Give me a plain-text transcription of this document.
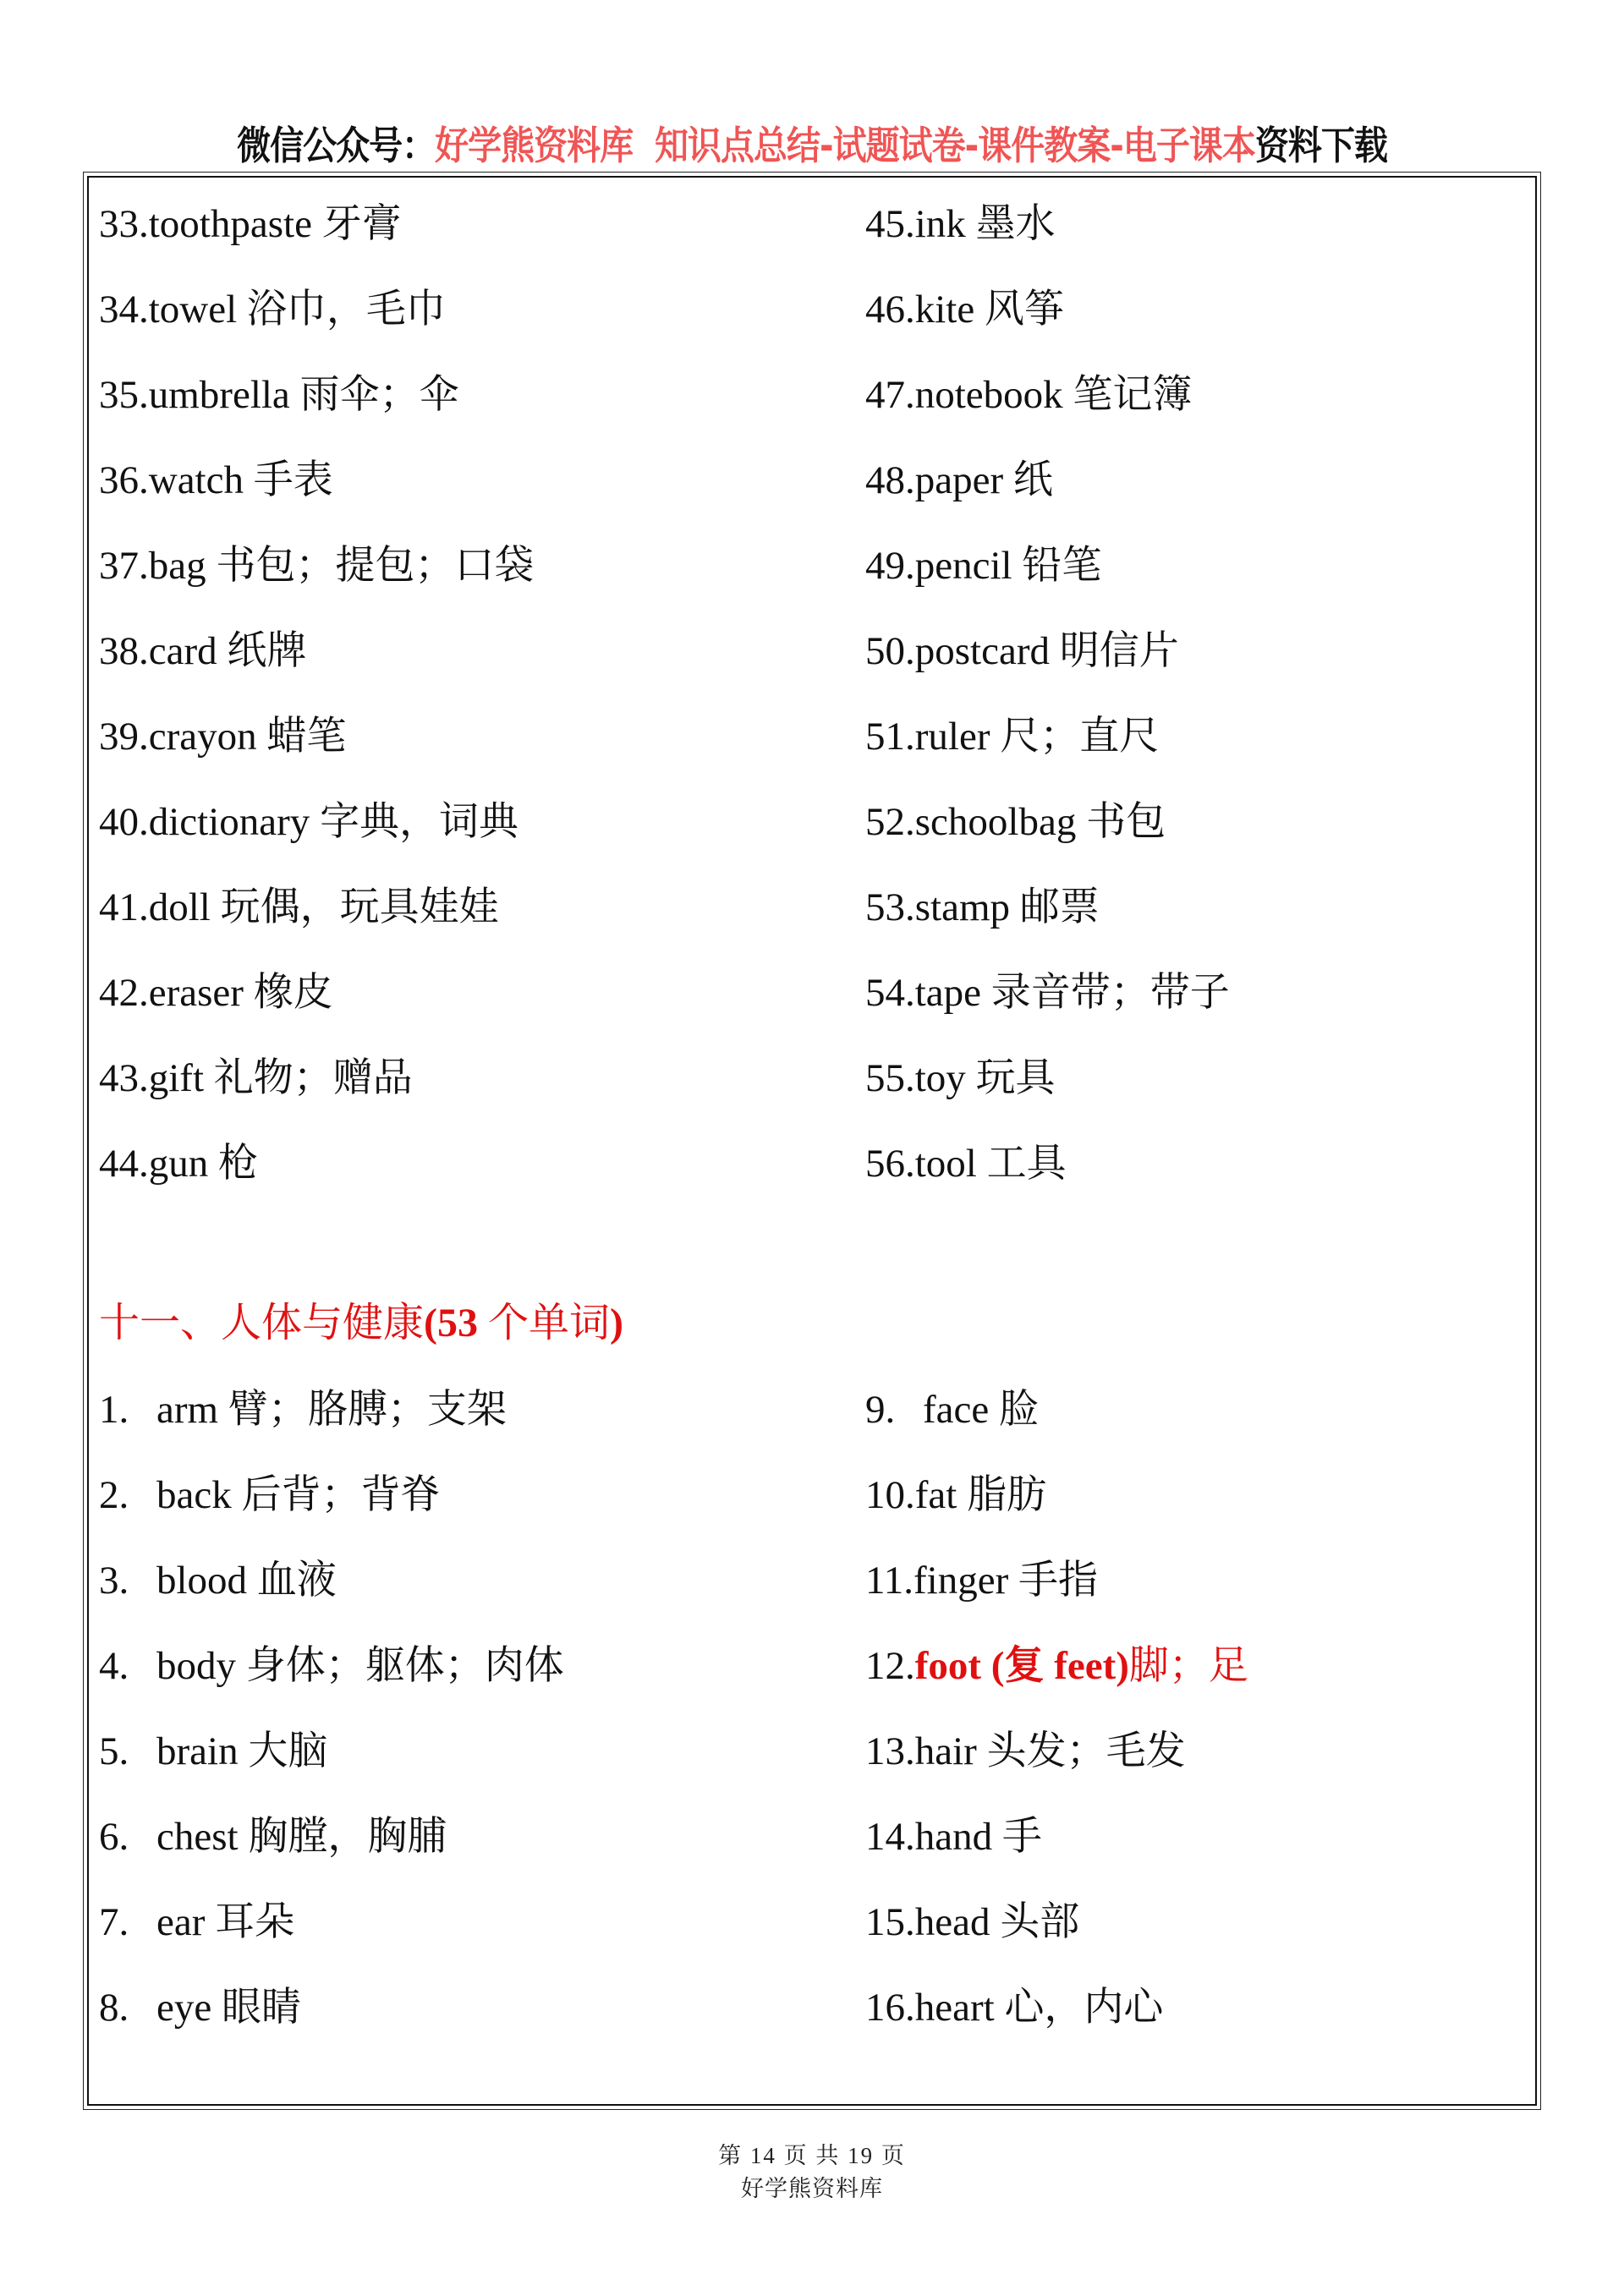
微信公众号：好学熊资料库 知识点总结-试题试卷-课件教案-电子课本资料下载
33.toothpaste 牙膏
34.towel 浴巾，毛巾
35.umbrella 雨伞；伞
36.watch 手表
37.bag 书包；提包；口袋
38.card 纸牌
39.crayon 蜡笔
40.dictionary 字典，词典
41.doll 玩偶，玩具娃娃
42.eraser 橡皮
43.gift 礼物；赠品
44.gun 枪
45.ink 墨水
46.kite 风筝
47.notebook 笔记簿
48.paper 纸
49.pencil 铅笔
50.postcard 明信片
51.ruler 尺；直尺
52.schoolbag 书包
53.stamp 邮票
54.tape 录音带；带子
55.toy 玩具
56.tool 工具
十一、人体与健康(53 个单词)
1. arm 臂；胳膊；支架
2. back 后背；背脊
3. blood 血液
4. body 身体；躯体；肉体
5. brain 大脑
6. chest 胸膛，胸脯
7. ear 耳朵
8. eye 眼睛
9. face 脸
10.fat 脂肪
11.finger 手指
12.foot (复 feet)脚；足
13.hair 头发；毛发
14.hand 手
15.head 头部
16.heart 心，内心
第 14 页 共 19 页
好学熊资料库
